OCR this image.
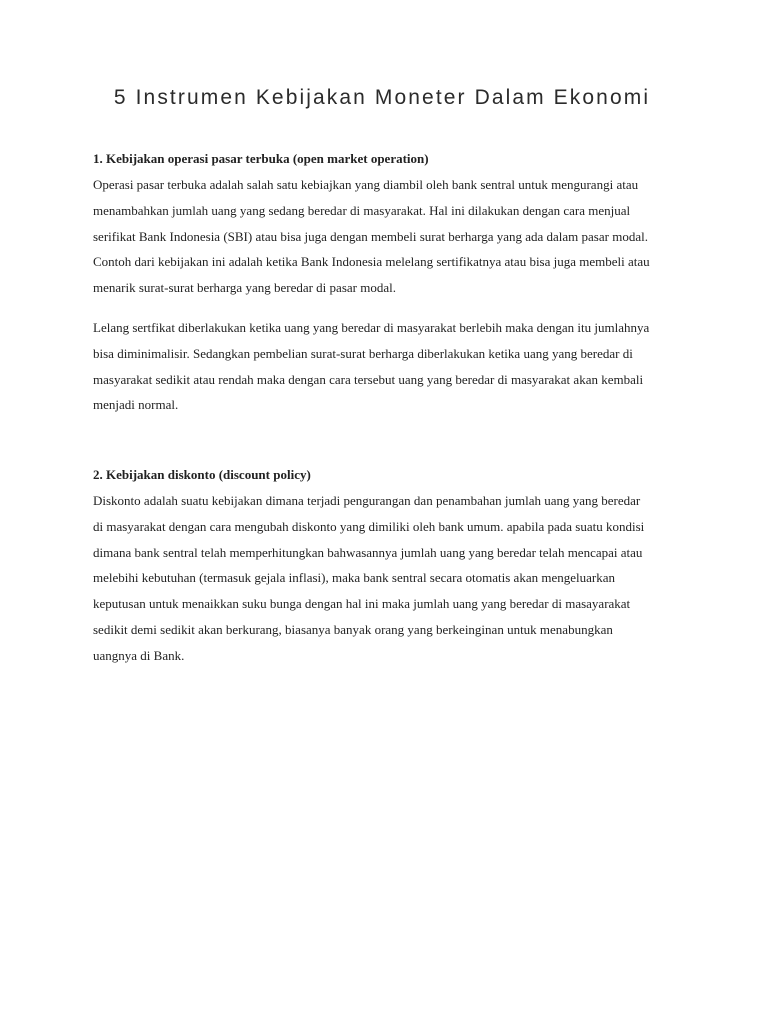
5 Instrumen Kebijakan Moneter Dalam Ekonomi

1. Kebijakan operasi pasar terbuka (open market operation)

Operasi pasar terbuka adalah salah satu kebiajkan yang diambil oleh bank sentral untuk mengurangi atau
menambahkan jumlah uang yang sedang beredar di masyarakat. Hal ini dilakukan dengan cara menjual
serifikat Bank Indonesia (SBI) atau bisa juga dengan membeli surat berharga yang ada dalam pasar modal.
Contoh dari kebijakan ini adalah ketika Bank Indonesia melelang sertifikatnya atau bisa juga membeli atau
menarik surat-surat berharga yang beredar di pasar modal.

Lelang sertfikat diberlakukan ketika uang yang beredar di masyarakat berlebih maka dengan itu jumlahnya
bisa diminimalisir. Sedangkan pembelian surat-surat berharga diberlakukan ketika uang yang beredar di
masyarakat sedikit atau rendah maka dengan cara tersebut uang yang beredar di masyarakat akan kembali
menjadi normal.

2. Kebijakan diskonto (discount policy)

Diskonto adalah suatu kebijakan dimana terjadi pengurangan dan penambahan jumlah uang yang beredar
di masyarakat dengan cara mengubah diskonto yang dimiliki oleh bank umum. apabila pada suatu kondisi
dimana bank sentral telah memperhitungkan bahwasannya jumlah uang yang beredar telah mencapai atau
melebihi kebutuhan (termasuk gejala inflasi), maka bank sentral secara otomatis akan mengeluarkan
keputusan untuk menaikkan suku bunga dengan hal ini maka jumlah uang yang beredar di masayarakat
sedikit demi sedikit akan berkurang, biasanya banyak orang yang berkeinginan untuk menabungkan
uangnya di Bank.
